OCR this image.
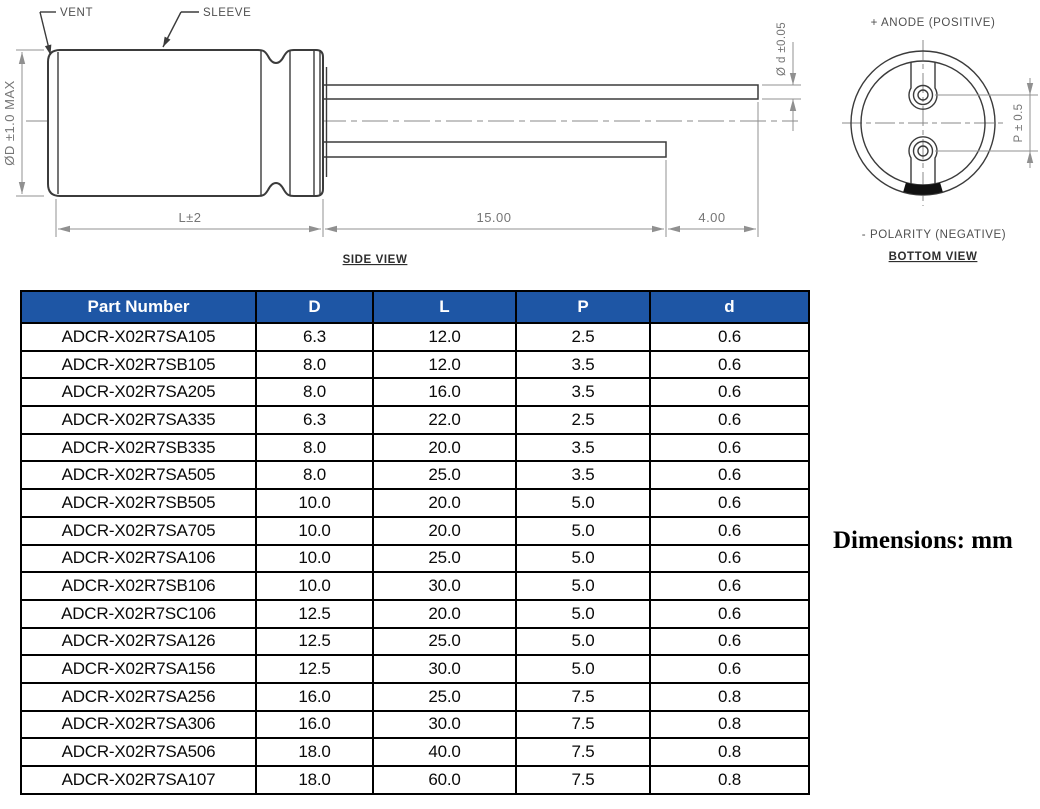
VENT	SLEEVE
ØD ±1.0 MAX
L±2	15.00	4.00
Ø d ±0.05
SIDE VIEW
+ ANODE (POSITIVE)
P ± 0.5
- POLARITY (NEGATIVE)
BOTTOM VIEW
Part Number	D	L	P	d
ADCR-X02R7SA105	6.3	12.0	2.5	0.6
ADCR-X02R7SB105	8.0	12.0	3.5	0.6
ADCR-X02R7SA205	8.0	16.0	3.5	0.6
ADCR-X02R7SA335	6.3	22.0	2.5	0.6
ADCR-X02R7SB335	8.0	20.0	3.5	0.6
ADCR-X02R7SA505	8.0	25.0	3.5	0.6
ADCR-X02R7SB505	10.0	20.0	5.0	0.6
ADCR-X02R7SA705	10.0	20.0	5.0	0.6
ADCR-X02R7SA106	10.0	25.0	5.0	0.6
ADCR-X02R7SB106	10.0	30.0	5.0	0.6
ADCR-X02R7SC106	12.5	20.0	5.0	0.6
ADCR-X02R7SA126	12.5	25.0	5.0	0.6
ADCR-X02R7SA156	12.5	30.0	5.0	0.6
ADCR-X02R7SA256	16.0	25.0	7.5	0.8
ADCR-X02R7SA306	16.0	30.0	7.5	0.8
ADCR-X02R7SA506	18.0	40.0	7.5	0.8
ADCR-X02R7SA107	18.0	60.0	7.5	0.8
Dimensions: mm
